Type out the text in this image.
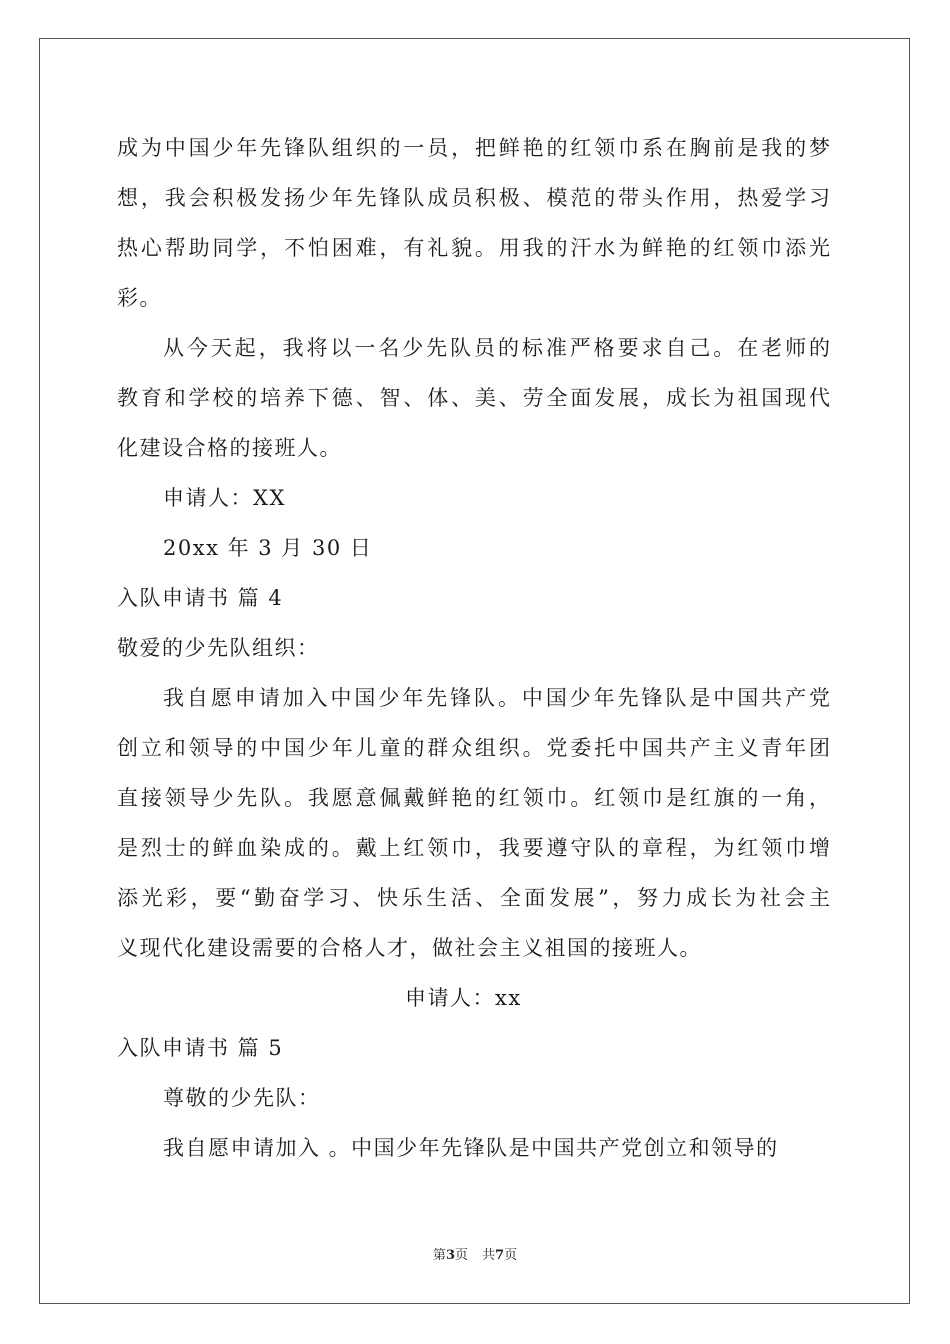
成为中国少年先锋队组织的一员，把鲜艳的红领巾系在胸前是我的梦
想，我会积极发扬少年先锋队成员积极、模范的带头作用，热爱学习
热心帮助同学，不怕困难，有礼貌。用我的汗水为鲜艳的红领巾添光
彩。
从今天起，我将以一名少先队员的标准严格要求自己。在老师的
教育和学校的培养下德、智、体、美、劳全面发展，成长为祖国现代
化建设合格的接班人。
申请人：XX
20xx 年 3 月 30 日
入队申请书 篇 4
敬爱的少先队组织：
我自愿申请加入中国少年先锋队。中国少年先锋队是中国共产党
创立和领导的中国少年儿童的群众组织。党委托中国共产主义青年团
直接领导少先队。我愿意佩戴鲜艳的红领巾。红领巾是红旗的一角，
是烈士的鲜血染成的。戴上红领巾，我要遵守队的章程，为红领巾增
添光彩，要“勤奋学习、快乐生活、全面发展”，努力成长为社会主
义现代化建设需要的合格人才，做社会主义祖国的接班人。
申请人：xx
入队申请书 篇 5
尊敬的少先队：
我自愿申请加入 。中国少年先锋队是中国共产党创立和领导的
第3页 共7页
